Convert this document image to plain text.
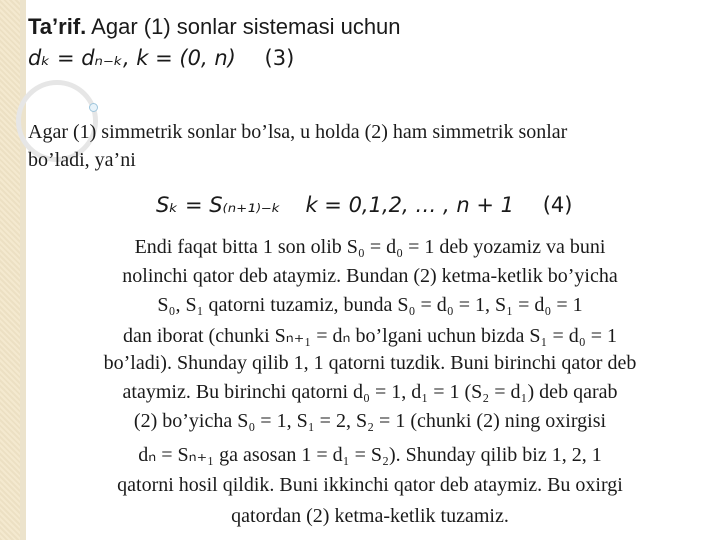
Ta’rif. Agar (1) sonlar sistemasi uchun
dₖ = dₙ₋ₖ, k = (0, n) (3)
Agar (1) simmetrik sonlar bo’lsa, u holda (2) ham simmetrik sonlar
bo’ladi, ya’ni
Sₖ = S₍ₙ₊₁₎₋ₖ k = 0,1,2, … , n + 1 (4)
Endi faqat bitta 1 son olib S₀ = d₀ = 1 deb yozamiz va buni
nolinchi qator deb ataymiz. Bundan (2) ketma-ketlik bo’yicha
S₀, S₁ qatorni tuzamiz, bunda S₀ = d₀ = 1, S₁ = d₀ = 1
dan iborat (chunki Sₙ₊₁ = dₙ bo’lgani uchun bizda S₁ = d₀ = 1
bo’ladi). Shunday qilib 1, 1 qatorni tuzdik. Buni birinchi qator deb
ataymiz. Bu birinchi qatorni d₀ = 1, d₁ = 1 (S₂ = d₁) deb qarab
(2) bo’yicha S₀ = 1, S₁ = 2, S₂ = 1 (chunki (2) ning oxirgisi
dₙ = Sₙ₊₁ ga asosan 1 = d₁ = S₂). Shunday qilib biz 1, 2, 1
qatorni hosil qildik. Buni ikkinchi qator deb ataymiz. Bu oxirgi
qatordan (2) ketma-ketlik tuzamiz.
